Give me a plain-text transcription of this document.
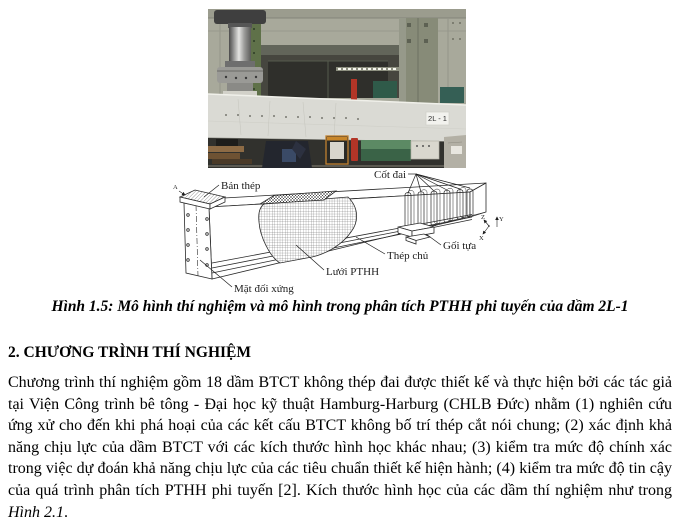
2L - 1
Bản thép
Cốt đai
Lưới PTHH
Thép chủ
Gối tựa
Mặt đối xứng
A
Z Y
X
Hình 1.5: Mô hình thí nghiệm và mô hình trong phân tích PTHH phi tuyến của dầm 2L-1
2. CHƯƠNG TRÌNH THÍ NGHIỆM

Chương trình thí nghiệm gồm 18 dầm BTCT không thép đai được thiết kế và thực hiện bởi các tác giả tại Viện Công trình bê tông - Đại học kỹ thuật Hamburg-Harburg (CHLB Đức) nhằm (1) nghiên cứu ứng xử cho đến khi phá hoại của các kết cấu BTCT không bố trí thép cắt nói chung; (2) xác định khả năng chịu lực của dầm BTCT với các kích thước hình học khác nhau; (3) kiểm tra mức độ chính xác trong việc dự đoán khả năng chịu lực của các tiêu chuẩn thiết kế hiện hành; (4) kiểm tra mức độ tin cậy của quá trình phân tích PTHH phi tuyến [2]. Kích thước hình học của các dầm thí nghiệm như trong Hình 2.1.
